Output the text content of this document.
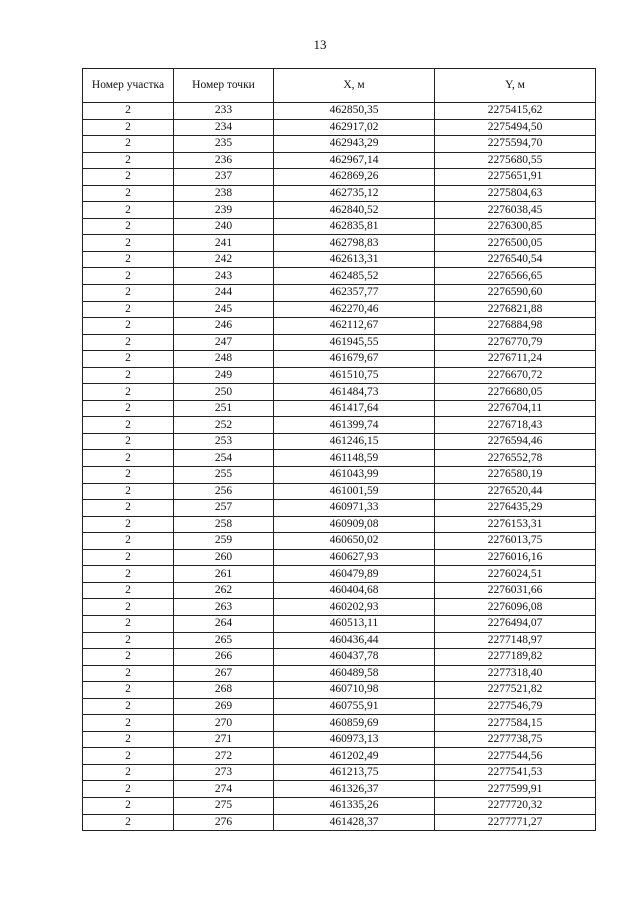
13
Номер участка	Номер точки	X, м	Y, м
2	233	462850,35	2275415,62
2	234	462917,02	2275494,50
2	235	462943,29	2275594,70
2	236	462967,14	2275680,55
2	237	462869,26	2275651,91
2	238	462735,12	2275804,63
2	239	462840,52	2276038,45
2	240	462835,81	2276300,85
2	241	462798,83	2276500,05
2	242	462613,31	2276540,54
2	243	462485,52	2276566,65
2	244	462357,77	2276590,60
2	245	462270,46	2276821,88
2	246	462112,67	2276884,98
2	247	461945,55	2276770,79
2	248	461679,67	2276711,24
2	249	461510,75	2276670,72
2	250	461484,73	2276680,05
2	251	461417,64	2276704,11
2	252	461399,74	2276718,43
2	253	461246,15	2276594,46
2	254	461148,59	2276552,78
2	255	461043,99	2276580,19
2	256	461001,59	2276520,44
2	257	460971,33	2276435,29
2	258	460909,08	2276153,31
2	259	460650,02	2276013,75
2	260	460627,93	2276016,16
2	261	460479,89	2276024,51
2	262	460404,68	2276031,66
2	263	460202,93	2276096,08
2	264	460513,11	2276494,07
2	265	460436,44	2277148,97
2	266	460437,78	2277189,82
2	267	460489,58	2277318,40
2	268	460710,98	2277521,82
2	269	460755,91	2277546,79
2	270	460859,69	2277584,15
2	271	460973,13	2277738,75
2	272	461202,49	2277544,56
2	273	461213,75	2277541,53
2	274	461326,37	2277599,91
2	275	461335,26	2277720,32
2	276	461428,37	2277771,27
